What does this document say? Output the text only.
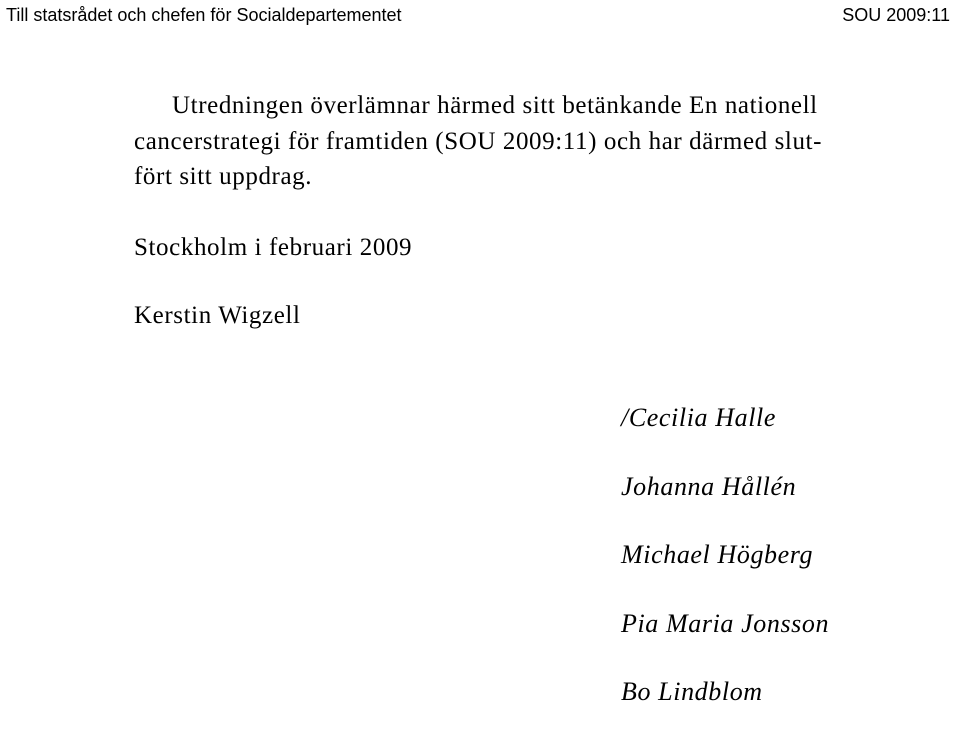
Till statsrådet och chefen för Socialdepartementet	SOU 2009:11

Utredningen överlämnar härmed sitt betänkande En nationell
cancerstrategi för framtiden (SOU 2009:11) och har därmed slut-
fört sitt uppdrag.

Stockholm i februari 2009
Kerstin Wigzell
/Cecilia Halle
Johanna Hållén
Michael Högberg
Pia Maria Jonsson
Bo Lindblom
